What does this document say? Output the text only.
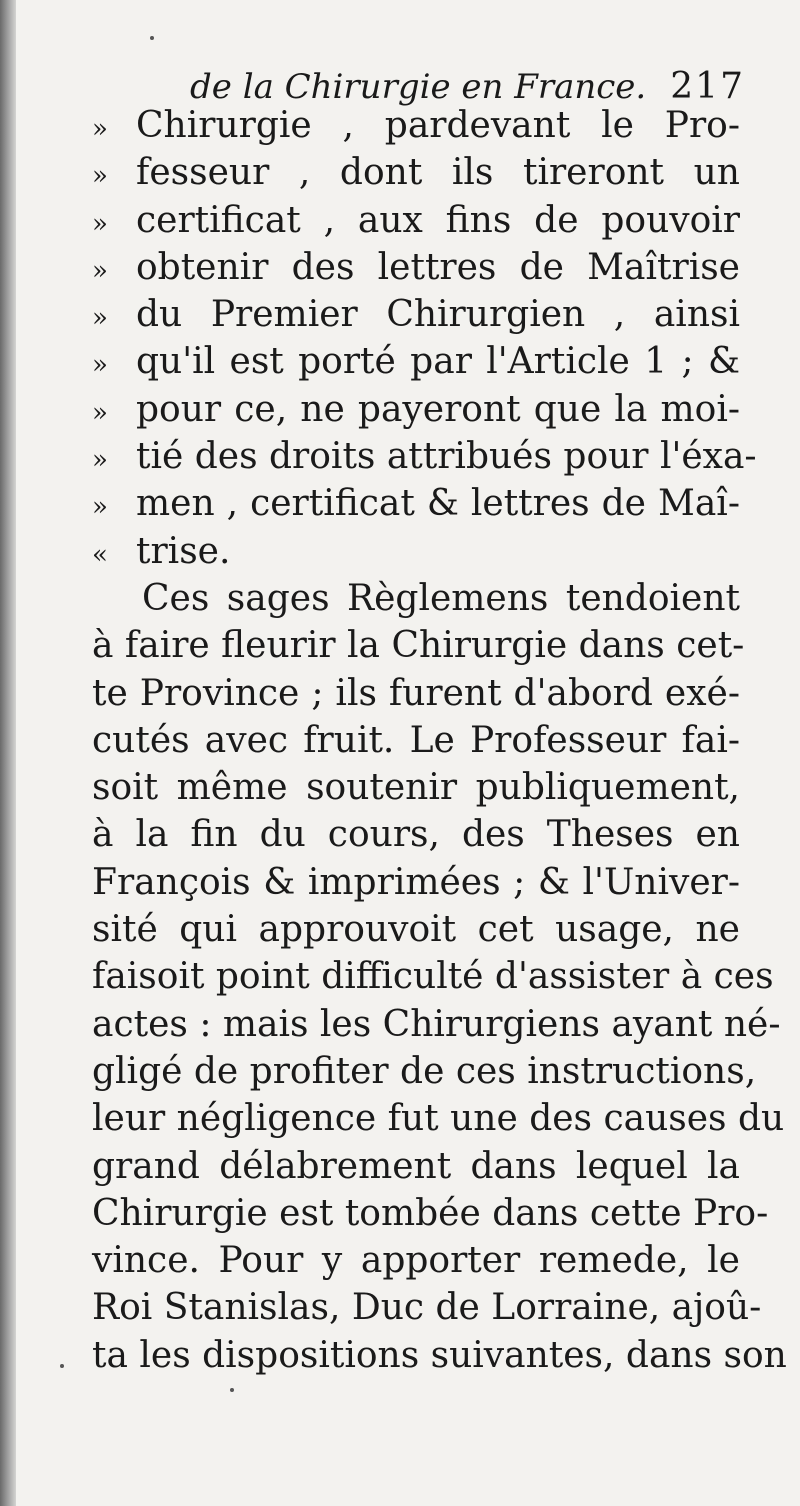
de la Chirurgie en France. 217
» Chirurgie , pardevant le Pro-
» fesseur , dont ils tireront un
» certificat , aux fins de pouvoir
» obtenir des lettres de Maîtrise
» du Premier Chirurgien , ainsi
» qu'il est porté par l'Article 1 ; &
» pour ce, ne payeront que la moi-
» tié des droits attribués pour l'éxa-
» men , certificat & lettres de Maî-
« trise.
Ces sages Règlemens tendoient
à faire fleurir la Chirurgie dans cet-
te Province ; ils furent d'abord exé-
cutés avec fruit. Le Professeur fai-
soit même soutenir publiquement,
à la fin du cours, des Theses en
François & imprimées ; & l'Univer-
sité qui approuvoit cet usage, ne
faisoit point difficulté d'assister à ces
actes : mais les Chirurgiens ayant né-
gligé de profiter de ces instructions,
leur négligence fut une des causes du
grand délabrement dans lequel la
Chirurgie est tombée dans cette Pro-
vince. Pour y apporter remede, le
Roi Stanislas, Duc de Lorraine, ajoû-
ta les dispositions suivantes, dans son
